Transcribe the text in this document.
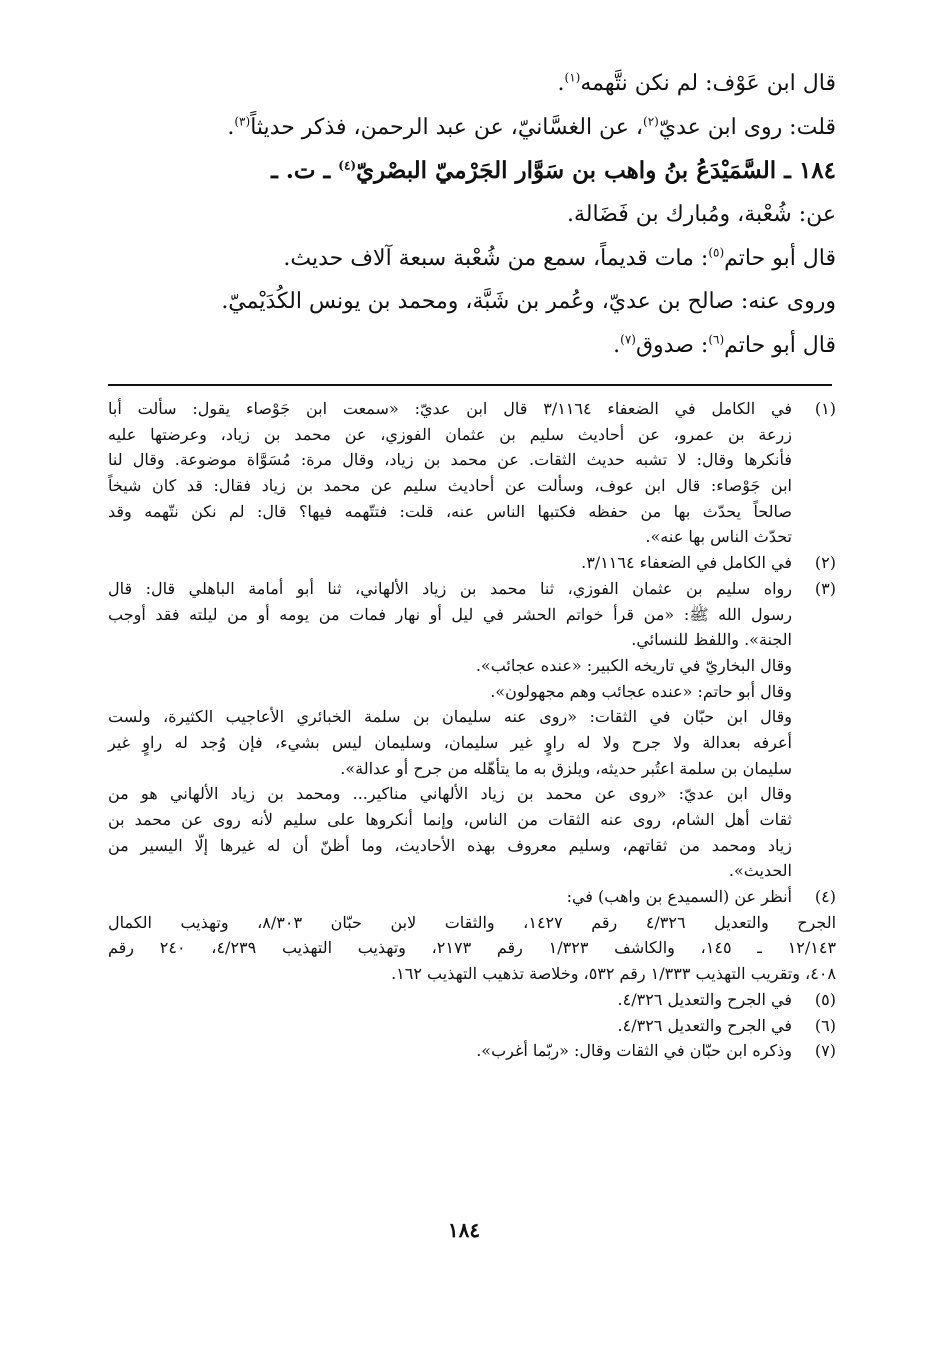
قال ابن عَوْف: لم نكن نتَّهمه$^{(١)}$.
قلت: روى ابن عديّ$^{(٢)}$، عن الغسَّانيّ، عن عبد الرحمن، فذكر حديثاً$^{(٣)}$.
١٨٤ ـ السَّمَيْدَعُ بنُ واهب بن سَوَّار الجَرْميّ البصْريّ$^{(٤)}$ ـ ت. ـ
عن: شُعْبة، ومُبارك بن فَضَالة.
قال أبو حاتم$^{(٥)}$: مات قديماً، سمع من شُعْبة سبعة آلاف حديث.
وروى عنه: صالح بن عديّ، وعُمر بن شَبَّة، ومحمد بن يونس الكُدَيْميّ.
قال أبو حاتم$^{(٦)}$: صدوق$^{(٧)}$.
(١)
في الكامل في الضعفاء ٣/١١٦٤ قال ابن عديّ: «سمعت ابن جَوْصاء يقول: سألت أبا
زرعة بن عمرو، عن أحاديث سليم بن عثمان الفوزي، عن محمد بن زياد، وعرضتها عليه
فأنكرها وقال: لا تشبه حديث الثقات. عن محمد بن زياد، وقال مرة: مُسَوَّاة موضوعة. وقال لنا
ابن جَوْصاء: قال ابن عوف، وسألت عن أحاديث سليم عن محمد بن زياد فقال: قد كان شيخاً
صالحاً يحدّث بها من حفظه فكتبها الناس عنه، قلت: فتتّهمه فيها؟ قال: لم نكن نتّهمه وقد
تحدّث الناس بها عنه».
(٢)
في الكامل في الضعفاء ٣/١١٦٤.
(٣)
رواه سليم بن عثمان الفوزي، ثنا محمد بن زياد الألهاني، ثنا أبو أمامة الباهلي قال: قال
رسول الله ﷺ: «من قرأ خواتم الحشر في ليل أو نهار فمات من يومه أو من ليلته فقد أوجب
الجنة». واللفظ للنسائي.
وقال البخاريّ في تاريخه الكبير: «عنده عجائب».
وقال أبو حاتم: «عنده عجائب وهم مجهولون».
وقال ابن حبّان في الثقات: «روى عنه سليمان بن سلمة الخبائري الأعاجيب الكثيرة، ولست
أعرفه بعدالة ولا جرح ولا له راوٍ غير سليمان، وسليمان ليس بشيء، فإن وُجد له راوٍ غير
سليمان بن سلمة اعتُبر حديثه، ويلزق به ما يتأهّله من جرح أو عدالة».
وقال ابن عديّ: «روى عن محمد بن زياد الألهاني مناكير... ومحمد بن زياد الألهاني هو من
ثقات أهل الشام، روى عنه الثقات من الناس، وإنما أنكروها على سليم لأنه روى عن محمد بن
زياد ومحمد من ثقاتهم، وسليم معروف بهذه الأحاديث، وما أظنّ أن له غيرها إلّا اليسير من
الحديث».
(٤)
أنظر عن (السميدع بن واهب) في:
الجرح والتعديل ٤/٣٢٦ رقم ١٤٢٧، والثقات لابن حبّان ٨/٣٠٣، وتهذيب الكمال
١٢/١٤٣ ـ ١٤٥، والكاشف ١/٣٢٣ رقم ٢١٧٣، وتهذيب التهذيب ٤/٢٣٩، ٢٤٠ رقم
٤٠٨، وتقريب التهذيب ١/٣٣٣ رقم ٥٣٢، وخلاصة تذهيب التهذيب ١٦٢.
(٥)
في الجرح والتعديل ٤/٣٢٦.
(٦)
في الجرح والتعديل ٤/٣٢٦.
(٧)
وذكره ابن حبّان في الثقات وقال: «ربّما أغرب».
١٨٤
